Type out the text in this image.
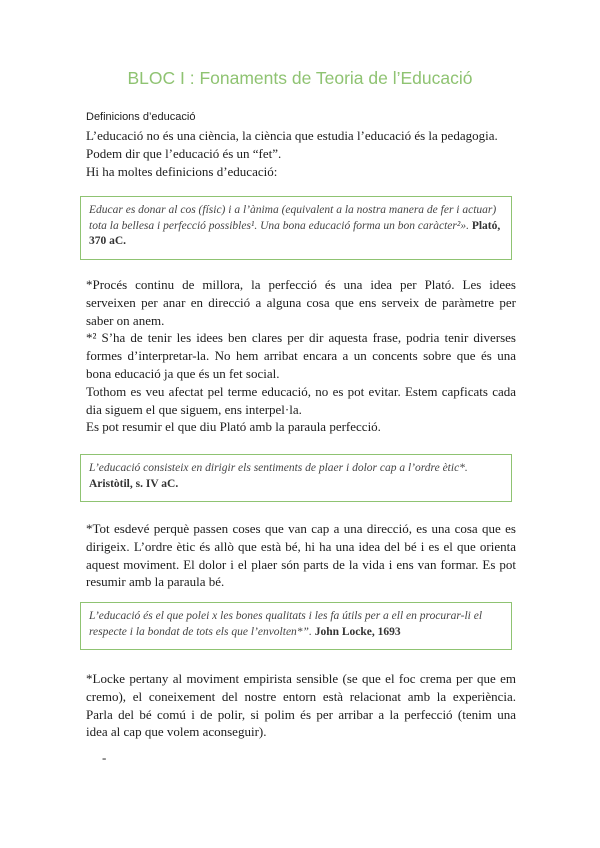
BLOC I : Fonaments de Teoria de l’Educació
Definicions d’educació
L’educació no és una ciència, la ciència que estudia l’educació és la pedagogia.
Podem dir que l’educació és un “fet”.
Hi ha moltes definicions d’educació:
Educar es donar al cos (físic) i a l’ànima (equivalent a la nostra manera de fer i actuar) tota la bellesa i perfecció possibles¹. Una bona educació forma un bon caràcter²». Plató, 370 aC.
*Procés continu de millora, la perfecció és una idea per Plató. Les idees
serveixen per anar en direcció a alguna cosa que ens serveix de paràmetre per
saber on anem.
*² S’ha de tenir les idees ben clares per dir aquesta frase, podria tenir diverses
formes d’interpretar-la. No hem arribat encara a un concents sobre que és una
bona educació ja que és un fet social.
Tothom es veu afectat pel terme educació, no es pot evitar. Estem capficats cada
dia siguem el que siguem, ens interpel·la.
Es pot resumir el que diu Plató amb la paraula perfecció.
L’educació consisteix en dirigir els sentiments de plaer i dolor cap a l’ordre ètic*.
Aristòtil, s. IV aC.
*Tot esdevé perquè passen coses que van cap a una direcció, es una cosa que es
dirigeix. L’ordre ètic és allò que està bé, hi ha una idea del bé i es el que orienta
aquest moviment. El dolor i el plaer són parts de la vida i ens van formar. Es pot
resumir amb la paraula bé.
L’educació és el que polei x les bones qualitats i les fa útils per a ell en procurar-li el respecte i la bondat de tots els que l’envolten*”. John Locke, 1693
*Locke pertany al moviment empirista sensible (se que el foc crema per que em
cremo), el coneixement del nostre entorn està relacionat amb la experiència.
Parla del bé comú i de polir, si polim és per arribar a la perfecció (tenim una
idea al cap que volem aconseguir).
-
